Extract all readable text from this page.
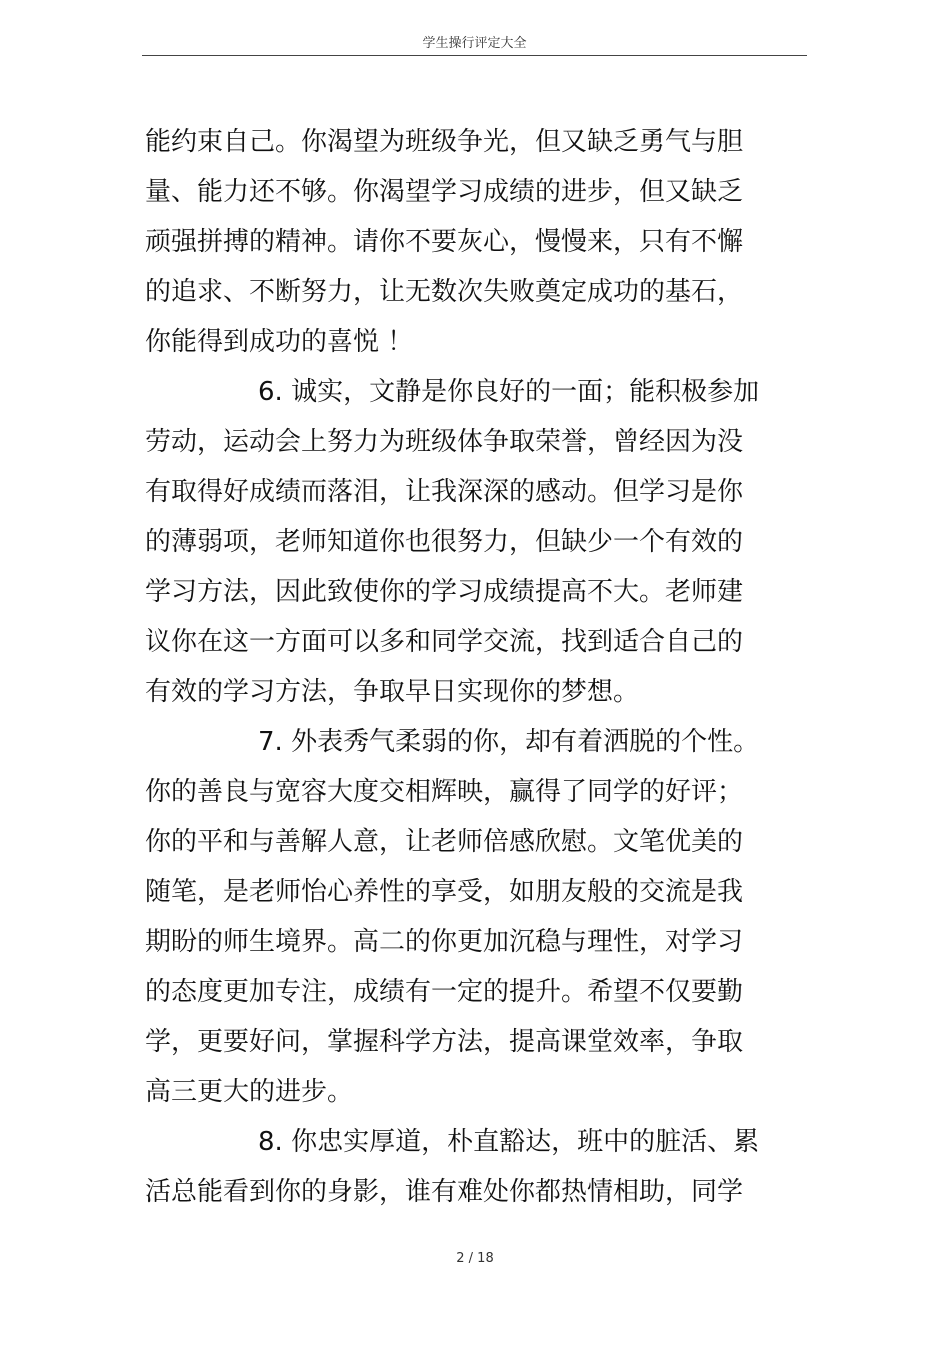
学生操行评定大全
能约束自己。你渴望为班级争光，但又缺乏勇气与胆
量、能力还不够。你渴望学习成绩的进步，但又缺乏
顽强拼搏的精神。请你不要灰心，慢慢来，只有不懈
的追求、不断努力，让无数次失败奠定成功的基石，
你能得到成功的喜悦 ！
6. 诚实，文静是你良好的一面；能积极参加
劳动，运动会上努力为班级体争取荣誉，曾经因为没
有取得好成绩而落泪，让我深深的感动。但学习是你
的薄弱项，老师知道你也很努力，但缺少一个有效的
学习方法，因此致使你的学习成绩提高不大。老师建
议你在这一方面可以多和同学交流，找到适合自己的
有效的学习方法，争取早日实现你的梦想。
7. 外表秀气柔弱的你，却有着洒脱的个性。
你的善良与宽容大度交相辉映，赢得了同学的好评；
你的平和与善解人意，让老师倍感欣慰。文笔优美的
随笔，是老师怡心养性的享受，如朋友般的交流是我
期盼的师生境界。高二的你更加沉稳与理性，对学习
的态度更加专注，成绩有一定的提升。希望不仅要勤
学，更要好问，掌握科学方法，提高课堂效率，争取
高三更大的进步。
8. 你忠实厚道，朴直豁达，班中的脏活、累
活总能看到你的身影，谁有难处你都热情相助，同学
2 / 18
